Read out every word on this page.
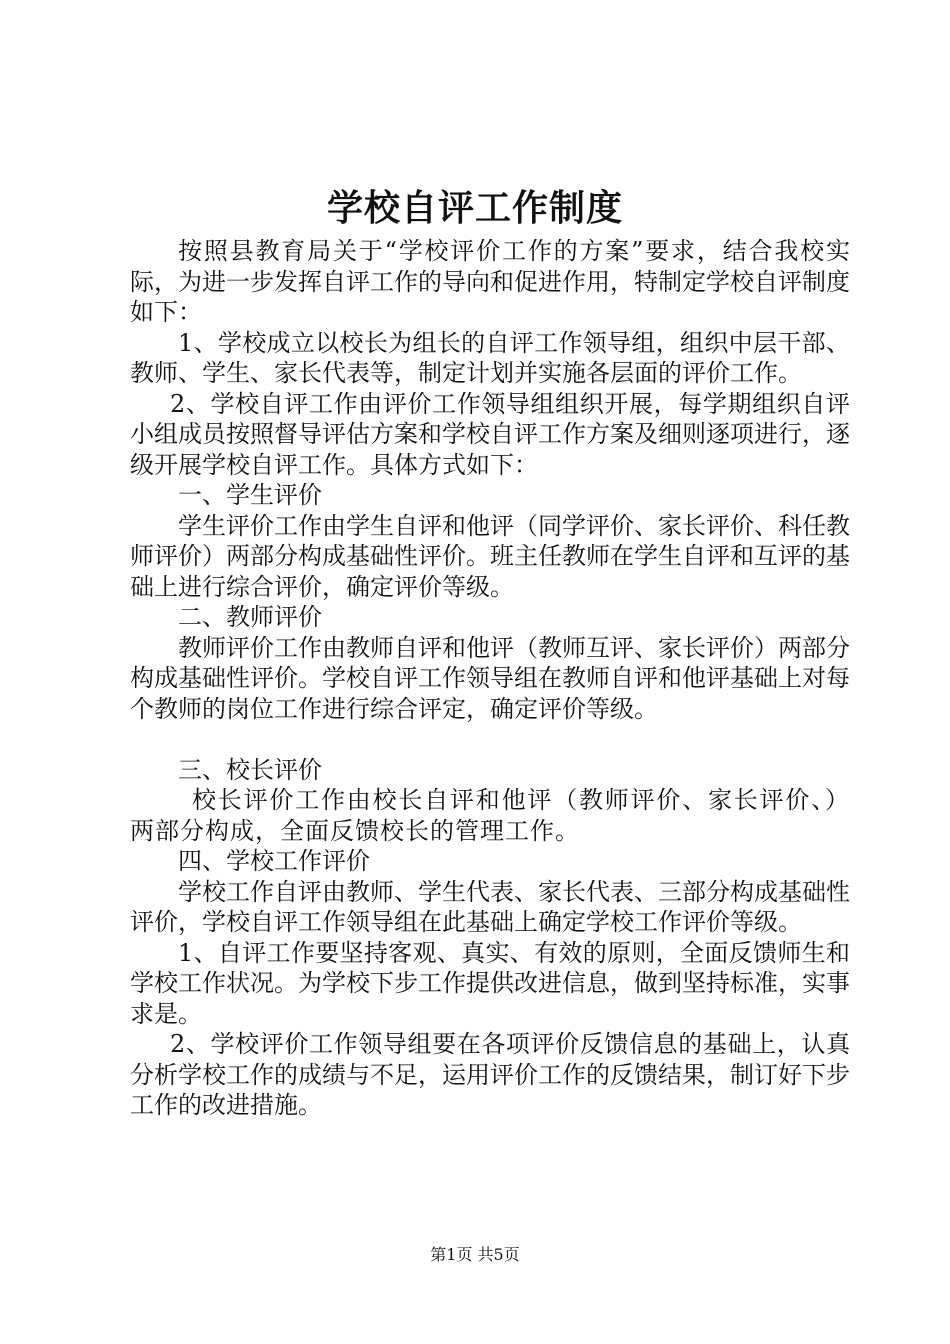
学校自评工作制度

按照县教育局关于“学校评价工作的方案”要求，结合我校实际，为进一步发挥自评工作的导向和促进作用，特制定学校自评制度如下：

1、学校成立以校长为组长的自评工作领导组，组织中层干部、教师、学生、家长代表等，制定计划并实施各层面的评价工作。

2、学校自评工作由评价工作领导组组织开展，每学期组织自评小组成员按照督导评估方案和学校自评工作方案及细则逐项进行，逐级开展学校自评工作。具体方式如下：

一、学生评价

学生评价工作由学生自评和他评（同学评价、家长评价、科任教师评价）两部分构成基础性评价。班主任教师在学生自评和互评的基础上进行综合评价，确定评价等级。

二、教师评价

教师评价工作由教师自评和他评（教师互评、家长评价）两部分构成基础性评价。学校自评工作领导组在教师自评和他评基础上对每个教师的岗位工作进行综合评定，确定评价等级。

三、校长评价

校长评价工作由校长自评和他评（教师评价、家长评价、）两部分构成，全面反馈校长的管理工作。

四、学校工作评价

学校工作自评由教师、学生代表、家长代表、三部分构成基础性评价，学校自评工作领导组在此基础上确定学校工作评价等级。

1、自评工作要坚持客观、真实、有效的原则，全面反馈师生和学校工作状况。为学校下步工作提供改进信息，做到坚持标准，实事求是。

2、学校评价工作领导组要在各项评价反馈信息的基础上，认真分析学校工作的成绩与不足，运用评价工作的反馈结果，制订好下步工作的改进措施。

第1页 共5页
